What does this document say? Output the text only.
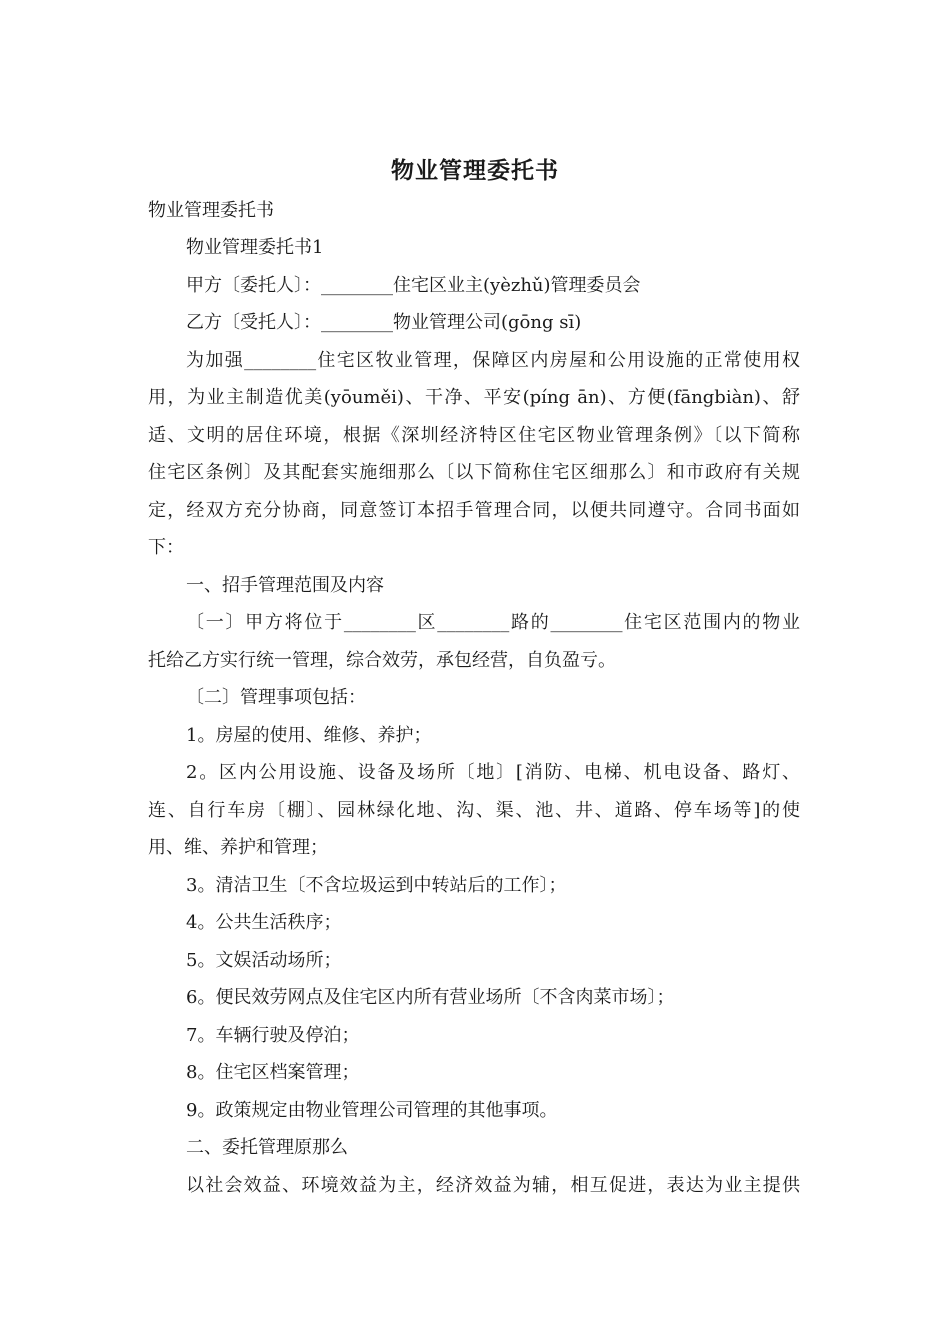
物业管理委托书
物业管理委托书
物业管理委托书1
甲方〔委托人〕：________住宅区业主(yèzhǔ)管理委员会
乙方〔受托人〕：________物业管理公司(gōng sī)
为加强________住宅区牧业管理，保障区内房屋和公用设施的正常使用权
用，为业主制造优美(yōuměi)、干净、平安(píng ān)、方便(fāngbiàn)、舒
适、文明的居住环境，根据《深圳经济特区住宅区物业管理条例》〔以下简称
住宅区条例〕及其配套实施细那么〔以下简称住宅区细那么〕和市政府有关规
定，经双方充分协商，同意签订本招手管理合同，以便共同遵守。合同书面如
下：
一、招手管理范围及内容
〔一〕甲方将位于________区________路的________住宅区范围内的物业
托给乙方实行统一管理，综合效劳，承包经营，自负盈亏。
〔二〕管理事项包括：
1。房屋的使用、维修、养护；
2。区内公用设施、设备及场所〔地〕[消防、电梯、机电设备、路灯、
连、自行车房〔棚〕、园林绿化地、沟、渠、池、井、道路、停车场等]的使
用、维、养护和管理；
3。清洁卫生〔不含垃圾运到中转站后的工作〕；
4。公共生活秩序；
5。文娱活动场所；
6。便民效劳网点及住宅区内所有营业场所〔不含肉菜市场〕；
7。车辆行驶及停泊；
8。住宅区档案管理；
9。政策规定由物业管理公司管理的其他事项。
二、委托管理原那么
以社会效益、环境效益为主，经济效益为辅，相互促进，表达为业主提供
